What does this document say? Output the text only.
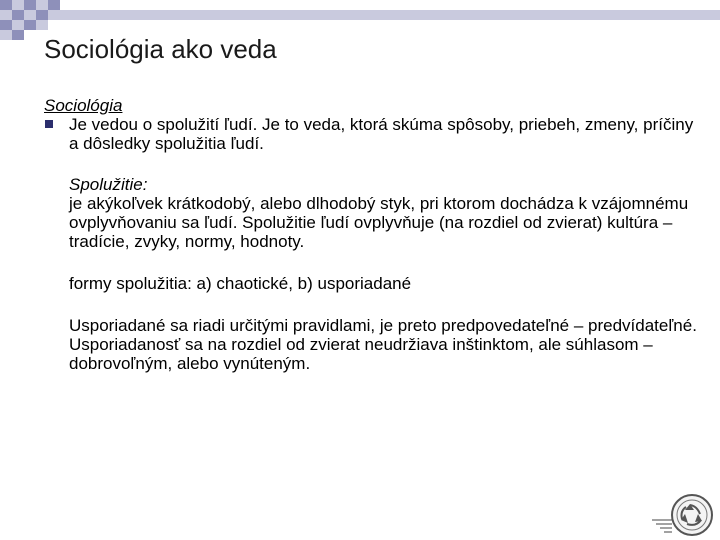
Sociológia ako veda
Sociológia
Je vedou o spolužití ľudí. Je to veda, ktorá skúma spôsoby, priebeh, zmeny, príčiny a dôsledky spolužitia ľudí.
Spolužitie:
je akýkoľvek krátkodobý, alebo dlhodobý styk, pri ktorom dochádza k vzájomnému ovplyvňovaniu sa ľudí. Spolužitie ľudí ovplyvňuje (na rozdiel od zvierat) kultúra – tradície, zvyky, normy, hodnoty.
formy spolužitia: a) chaotické, b) usporiadané
Usporiadané sa riadi určitými pravidlami, je preto predpovedateľné – predvídateľné. Usporiadanosť sa na rozdiel od zvierat neudržiava inštinktom, ale súhlasom – dobrovoľným, alebo vynúteným.
